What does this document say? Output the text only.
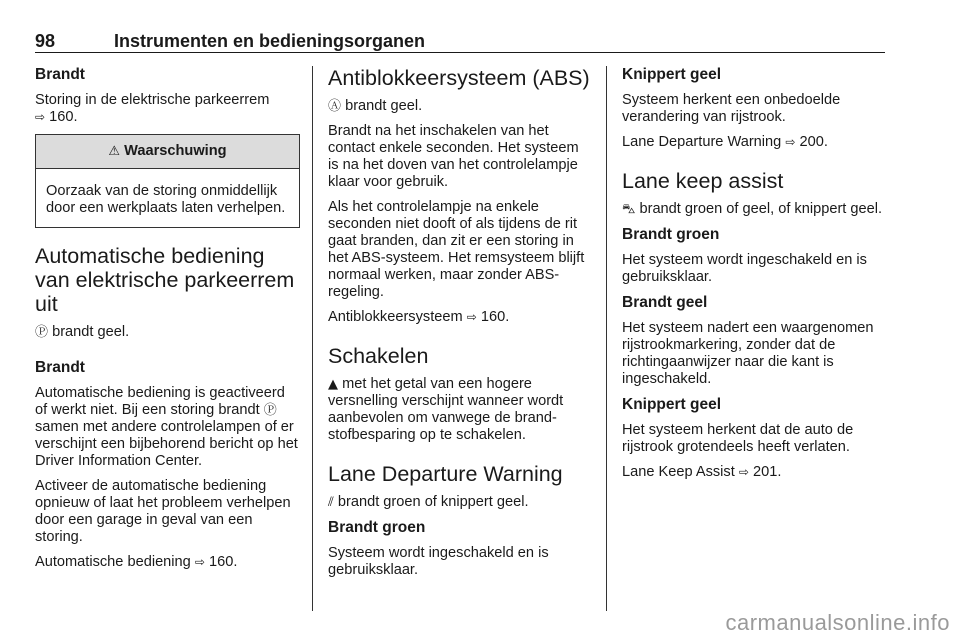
98	Instrumenten en bedieningsorganen
Brandt

Storing in de elektrische parkeerrem
⇨ 160.

⚠ Waarschuwing
Oorzaak van de storing onmiddellijk door een werkplaats laten verhelpen.
Automatische bediening van elektrische parkeerrem uit

Ⓟ brandt geel.

Brandt

Automatische bediening is geactiveerd of werkt niet. Bij een storing brandt Ⓟ samen met andere controlelampen of er verschijnt een bijbehorend bericht op het Driver Information Center.

Activeer de automatische bediening opnieuw of laat het probleem verhelpen door een garage in geval van een storing.

Automatische bediening ⇨ 160.

Antiblokkeersysteem (ABS)

Ⓐ brandt geel.

Brandt na het inschakelen van het contact enkele seconden. Het systeem is na het doven van het controlelampje klaar voor gebruik.

Als het controlelampje na enkele seconden niet dooft of als tijdens de rit gaat branden, dan zit er een storing in het ABS-systeem. Het remsysteem blijft normaal werken, maar zonder ABS-regeling.

Antiblokkeersysteem ⇨ 160.

Schakelen

▲ met het getal van een hogere versnelling verschijnt wanneer wordt aanbevolen om vanwege de brandstofbesparing op te schakelen.

Lane Departure Warning

⫽ brandt groen of knippert geel.

Brandt groen

Systeem wordt ingeschakeld en is gebruiksklaar.

Knippert geel

Systeem herkent een onbedoelde verandering van rijstrook.

Lane Departure Warning ⇨ 200.

Lane keep assist

⛍ brandt groen of geel, of knippert geel.

Brandt groen

Het systeem wordt ingeschakeld en is gebruiksklaar.

Brandt geel

Het systeem nadert een waargenomen rijstrookmarkering, zonder dat de richtingaanwijzer naar die kant is ingeschakeld.

Knippert geel

Het systeem herkent dat de auto de rijstrook grotendeels heeft verlaten.

Lane Keep Assist ⇨ 201.

carmanualsonline.info
